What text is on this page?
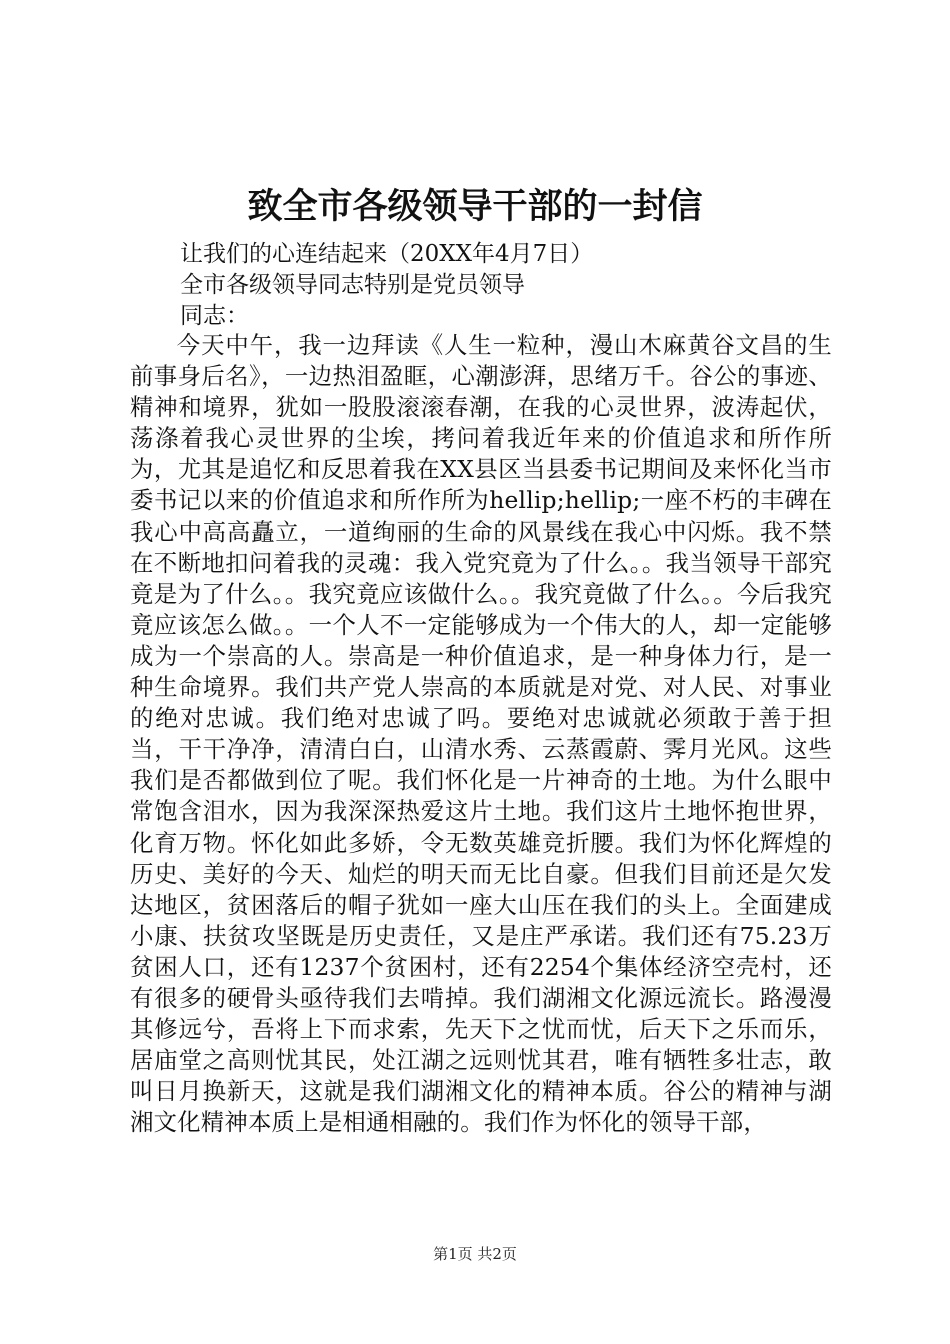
致全市各级领导干部的一封信

让我们的心连结起来（20XX年4月7日）

全市各级领导同志特别是党员领导

同志：

今天中午，我一边拜读《人生一粒种，漫山木麻黄谷文昌的生前事身后名》，一边热泪盈眶，心潮澎湃，思绪万千。谷公的事迹、精神和境界，犹如一股股滚滚春潮，在我的心灵世界，波涛起伏，荡涤着我心灵世界的尘埃，拷问着我近年来的价值追求和所作所为，尤其是追忆和反思着我在XX县区当县委书记期间及来怀化当市委书记以来的价值追求和所作所为hellip;hellip;一座不朽的丰碑在我心中高高矗立，一道绚丽的生命的风景线在我心中闪烁。我不禁在不断地扣问着我的灵魂：我入党究竟为了什么。。我当领导干部究竟是为了什么。。我究竟应该做什么。。我究竟做了什么。。今后我究竟应该怎么做。。一个人不一定能够成为一个伟大的人，却一定能够成为一个崇高的人。崇高是一种价值追求，是一种身体力行，是一种生命境界。我们共产党人崇高的本质就是对党、对人民、对事业的绝对忠诚。我们绝对忠诚了吗。要绝对忠诚就必须敢于善于担当，干干净净，清清白白，山清水秀、云蒸霞蔚、霁月光风。这些我们是否都做到位了呢。我们怀化是一片神奇的土地。为什么眼中常饱含泪水，因为我深深热爱这片土地。我们这片土地怀抱世界，化育万物。怀化如此多娇，令无数英雄竞折腰。我们为怀化辉煌的历史、美好的今天、灿烂的明天而无比自豪。但我们目前还是欠发达地区，贫困落后的帽子犹如一座大山压在我们的头上。全面建成小康、扶贫攻坚既是历史责任，又是庄严承诺。我们还有75.23万贫困人口，还有1237个贫困村，还有2254个集体经济空壳村，还有很多的硬骨头亟待我们去啃掉。我们湖湘文化源远流长。路漫漫其修远兮，吾将上下而求索，先天下之忧而忧，后天下之乐而乐，居庙堂之高则忧其民，处江湖之远则忧其君，唯有牺牲多壮志，敢叫日月换新天，这就是我们湖湘文化的精神本质。谷公的精神与湖湘文化精神本质上是相通相融的。我们作为怀化的领导干部，

第1页 共2页
